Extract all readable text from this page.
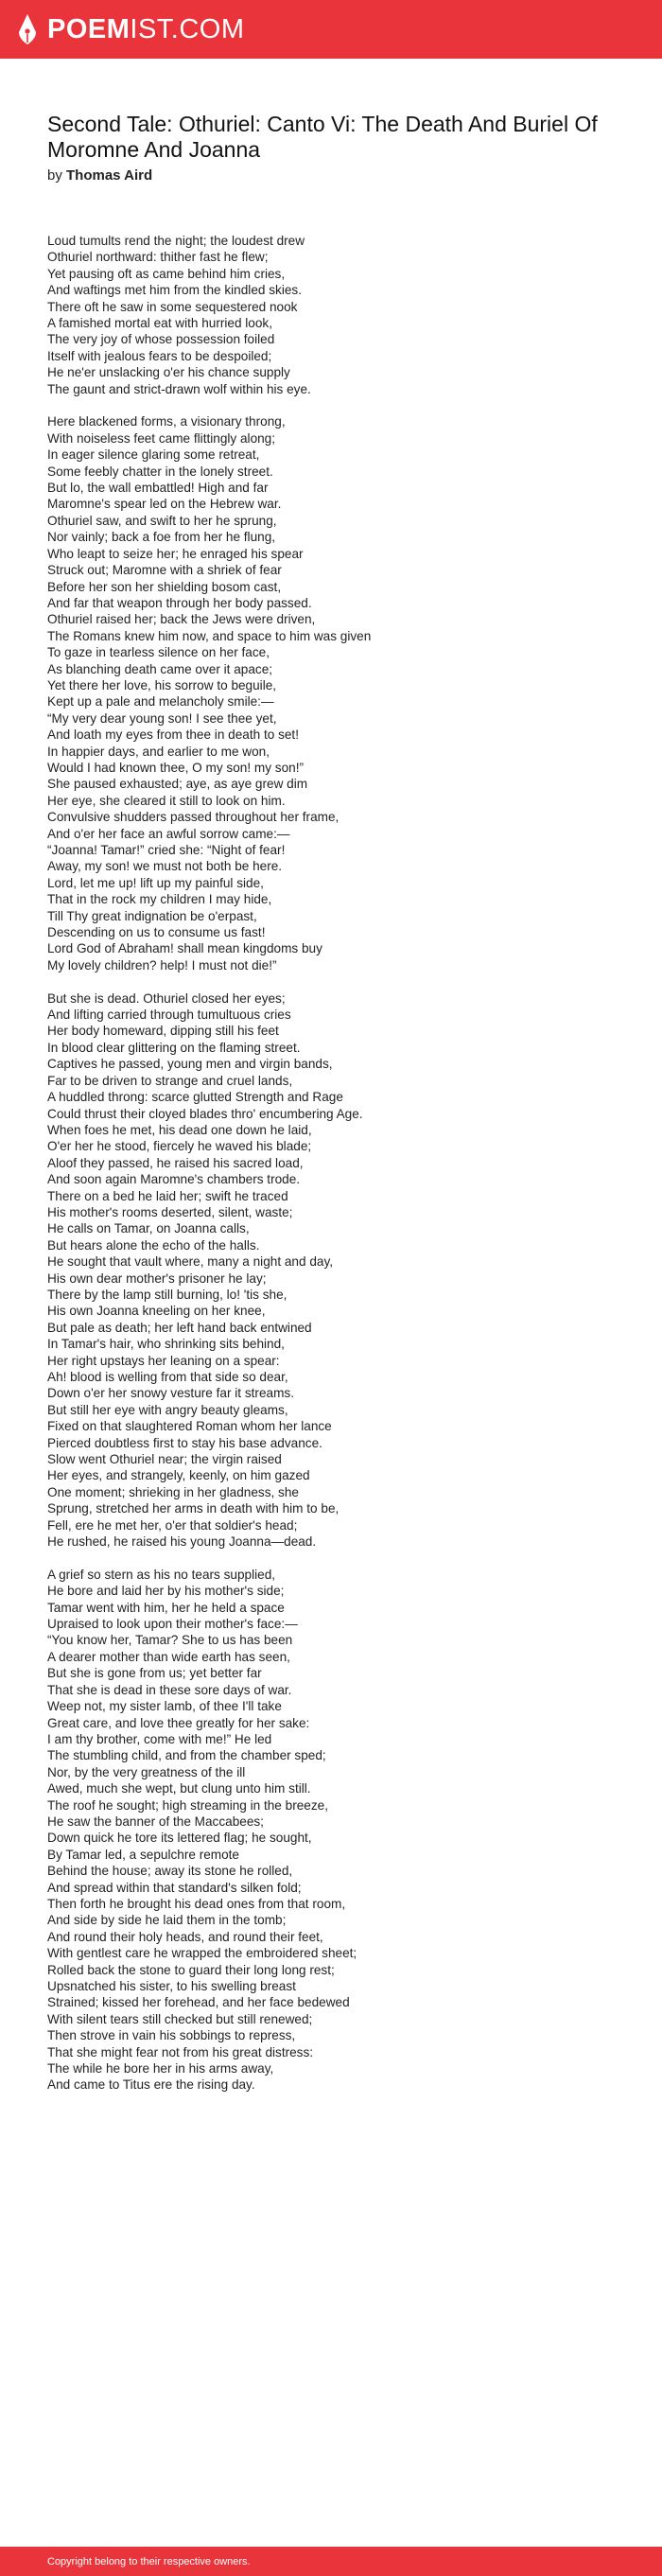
POEMIST.COM
Second Tale: Othuriel: Canto Vi: The Death And Buriel Of Moromne And Joanna
by Thomas Aird
Loud tumults rend the night; the loudest drew
Othuriel northward: thither fast he flew;
Yet pausing oft as came behind him cries,
And waftings met him from the kindled skies.
There oft he saw in some sequestered nook
A famished mortal eat with hurried look,
The very joy of whose possession foiled
Itself with jealous fears to be despoiled;
He ne'er unslacking o'er his chance supply
The gaunt and strict-drawn wolf within his eye.
Here blackened forms, a visionary throng,
With noiseless feet came flittingly along;
In eager silence glaring some retreat,
Some feebly chatter in the lonely street.
But lo, the wall embattled! High and far
Maromne's spear led on the Hebrew war.
Othuriel saw, and swift to her he sprung,
Nor vainly; back a foe from her he flung,
Who leapt to seize her; he enraged his spear
Struck out; Maromne with a shriek of fear
Before her son her shielding bosom cast,
And far that weapon through her body passed.
Othuriel raised her; back the Jews were driven,
The Romans knew him now, and space to him was given
To gaze in tearless silence on her face,
As blanching death came over it apace;
Yet there her love, his sorrow to beguile,
Kept up a pale and melancholy smile:—
“My very dear young son! I see thee yet,
And loath my eyes from thee in death to set!
In happier days, and earlier to me won,
Would I had known thee, O my son! my son!”
She paused exhausted; aye, as aye grew dim
Her eye, she cleared it still to look on him.
Convulsive shudders passed throughout her frame,
And o'er her face an awful sorrow came:—
“Joanna! Tamar!” cried she: “Night of fear!
Away, my son! we must not both be here.
Lord, let me up! lift up my painful side,
That in the rock my children I may hide,
Till Thy great indignation be o'erpast,
Descending on us to consume us fast!
Lord God of Abraham! shall mean kingdoms buy
My lovely children? help! I must not die!”
But she is dead. Othuriel closed her eyes;
And lifting carried through tumultuous cries
Her body homeward, dipping still his feet
In blood clear glittering on the flaming street.
Captives he passed, young men and virgin bands,
Far to be driven to strange and cruel lands,
A huddled throng: scarce glutted Strength and Rage
Could thrust their cloyed blades thro' encumbering Age.
When foes he met, his dead one down he laid,
O'er her he stood, fiercely he waved his blade;
Aloof they passed, he raised his sacred load,
And soon again Maromne's chambers trode.
There on a bed he laid her; swift he traced
His mother's rooms deserted, silent, waste;
He calls on Tamar, on Joanna calls,
But hears alone the echo of the halls.
He sought that vault where, many a night and day,
His own dear mother's prisoner he lay;
There by the lamp still burning, lo! 'tis she,
His own Joanna kneeling on her knee,
But pale as death; her left hand back entwined
In Tamar's hair, who shrinking sits behind,
Her right upstays her leaning on a spear:
Ah! blood is welling from that side so dear,
Down o'er her snowy vesture far it streams.
But still her eye with angry beauty gleams,
Fixed on that slaughtered Roman whom her lance
Pierced doubtless first to stay his base advance.
Slow went Othuriel near; the virgin raised
Her eyes, and strangely, keenly, on him gazed
One moment; shrieking in her gladness, she
Sprung, stretched her arms in death with him to be,
Fell, ere he met her, o'er that soldier's head;
He rushed, he raised his young Joanna—dead.
A grief so stern as his no tears supplied,
He bore and laid her by his mother's side;
Tamar went with him, her he held a space
Upraised to look upon their mother's face:—
“You know her, Tamar? She to us has been
A dearer mother than wide earth has seen,
But she is gone from us; yet better far
That she is dead in these sore days of war.
Weep not, my sister lamb, of thee I'll take
Great care, and love thee greatly for her sake:
I am thy brother, come with me!” He led
The stumbling child, and from the chamber sped;
Nor, by the very greatness of the ill
Awed, much she wept, but clung unto him still.
The roof he sought; high streaming in the breeze,
He saw the banner of the Maccabees;
Down quick he tore its lettered flag; he sought,
By Tamar led, a sepulchre remote
Behind the house; away its stone he rolled,
And spread within that standard's silken fold;
Then forth he brought his dead ones from that room,
And side by side he laid them in the tomb;
And round their holy heads, and round their feet,
With gentlest care he wrapped the embroidered sheet;
Rolled back the stone to guard their long long rest;
Upsnatched his sister, to his swelling breast
Strained; kissed her forehead, and her face bedewed
With silent tears still checked but still renewed;
Then strove in vain his sobbings to repress,
That she might fear not from his great distress:
The while he bore her in his arms away,
And came to Titus ere the rising day.
Copyright belong to their respective owners.
